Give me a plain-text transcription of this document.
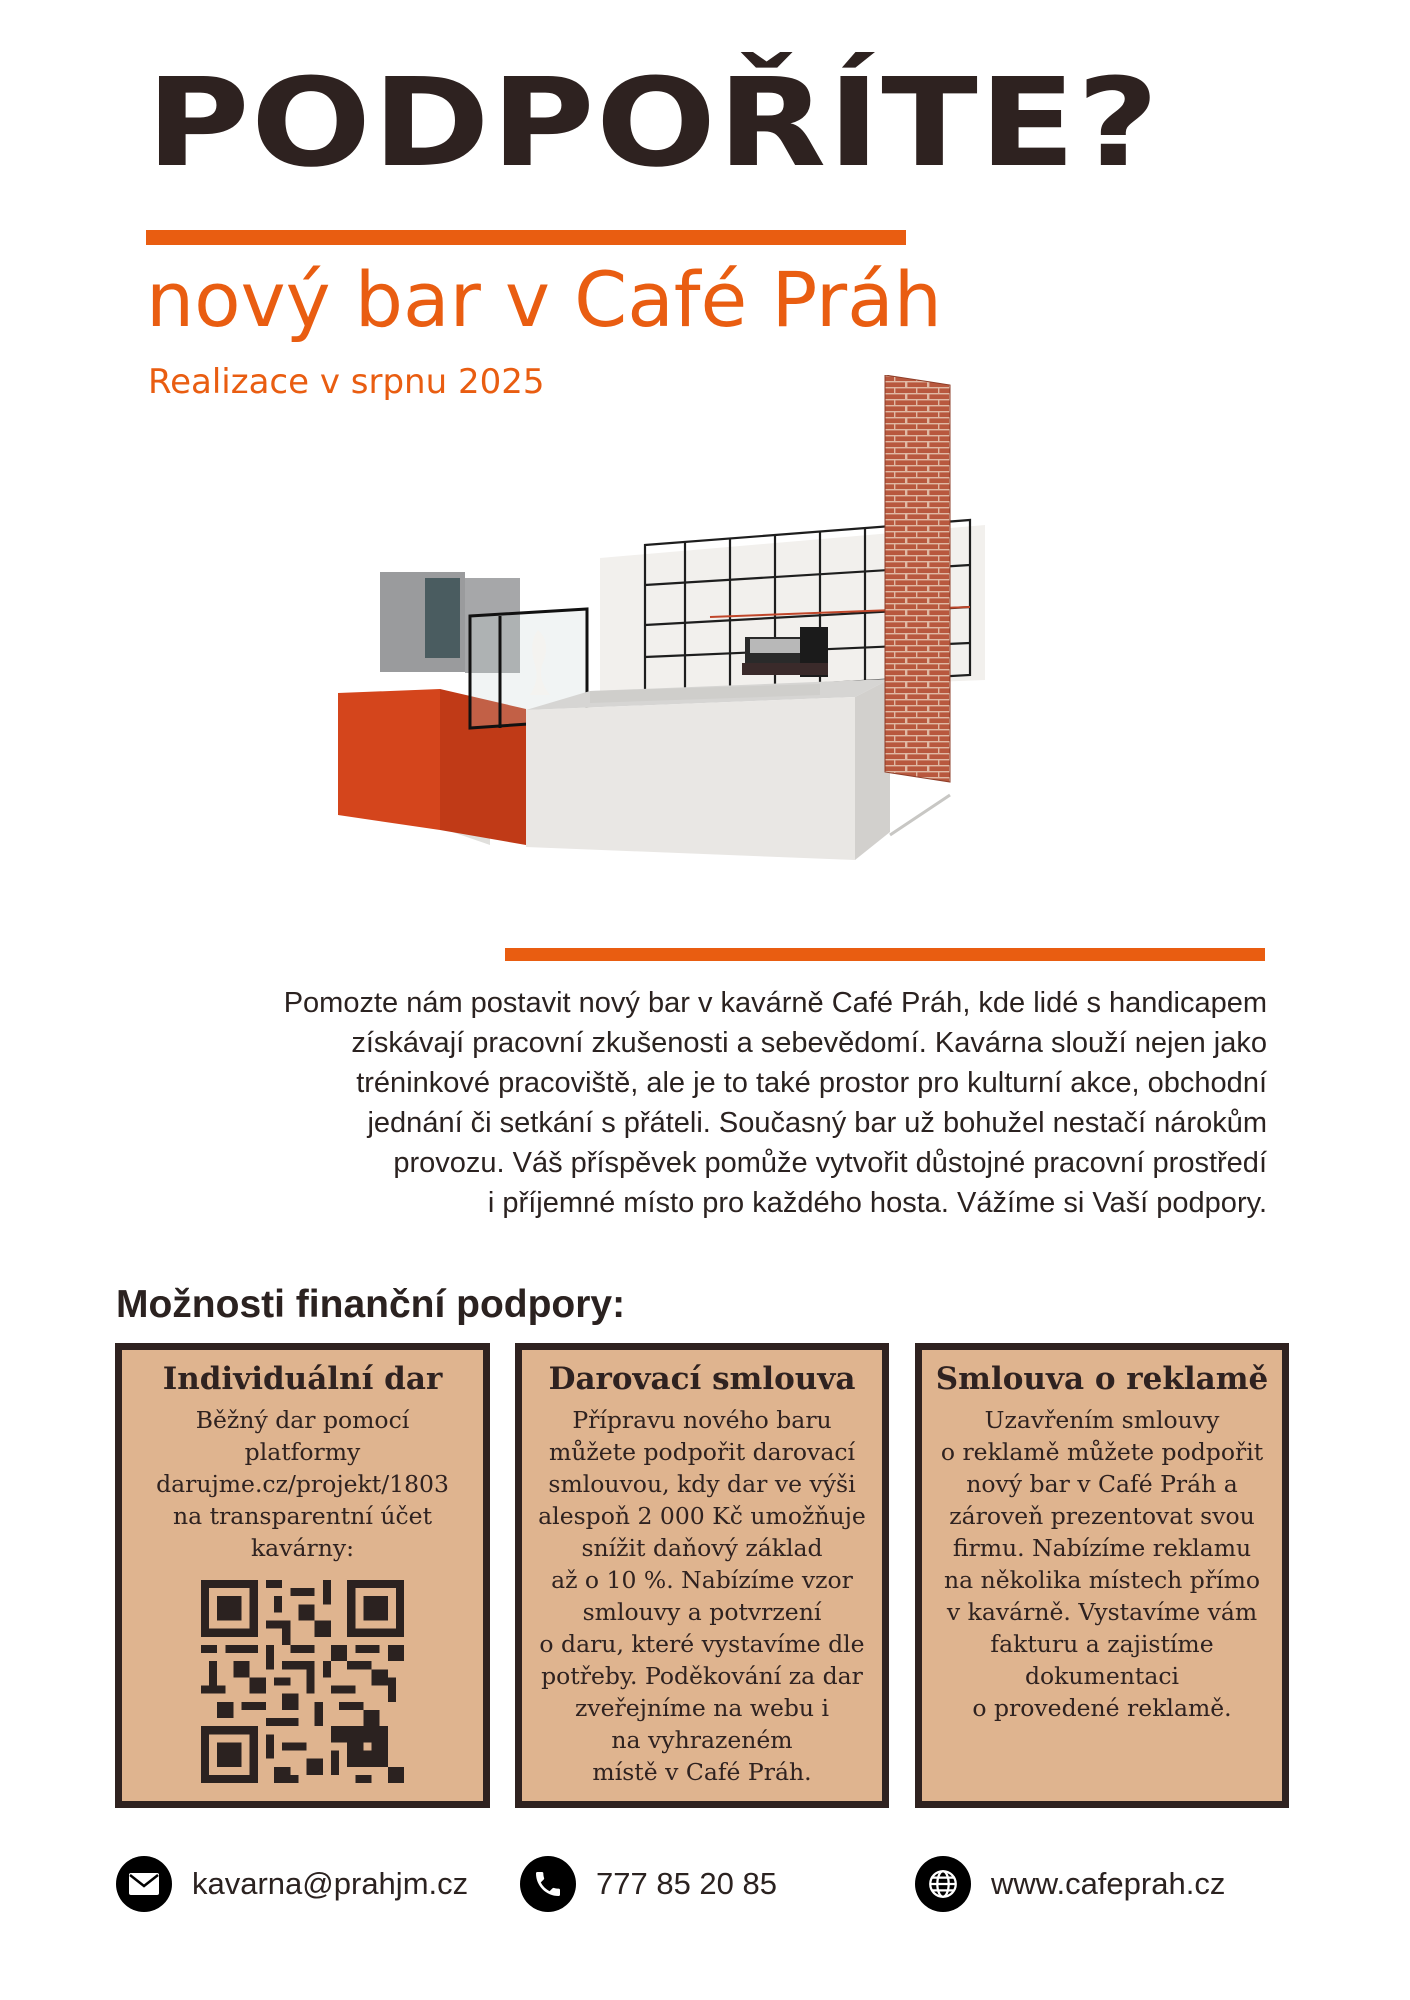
PODPOŘÍTE?
nový bar v Café Práh
Realizace v srpnu 2025
Pomozte nám postavit nový bar v kavárně Café Práh, kde lidé s handicapem
získávají pracovní zkušenosti a sebevědomí. Kavárna slouží nejen jako
tréninkové pracoviště, ale je to také prostor pro kulturní akce, obchodní
jednání či setkání s přáteli. Současný bar už bohužel nestačí nárokům
provozu. Váš příspěvek pomůže vytvořit důstojné pracovní prostředí
i příjemné místo pro každého hosta. Vážíme si Vaší podpory.
Možnosti finanční podpory:
Individuální dar

Běžný dar pomocí
platformy
darujme.cz/projekt/1803
na transparentní účet
kavárny:

Darovací smlouva

Přípravu nového baru
můžete podpořit darovací
smlouvou, kdy dar ve výši
alespoň 2 000 Kč umožňuje
snížit daňový základ
až o 10 %. Nabízíme vzor
smlouvy a potvrzení
o daru, které vystavíme dle
potřeby. Poděkování za dar
zveřejníme na webu i
na vyhrazeném
místě v Café Práh.

Smlouva o reklamě

Uzavřením smlouvy
o reklamě můžete podpořit
nový bar v Café Práh a
zároveň prezentovat svou
firmu. Nabízíme reklamu
na několika místech přímo
v kavárně. Vystavíme vám
fakturu a zajistíme
dokumentaci
o provedené reklamě.

kavarna@prahjm.cz	777 85 20 85	www.cafeprah.cz
